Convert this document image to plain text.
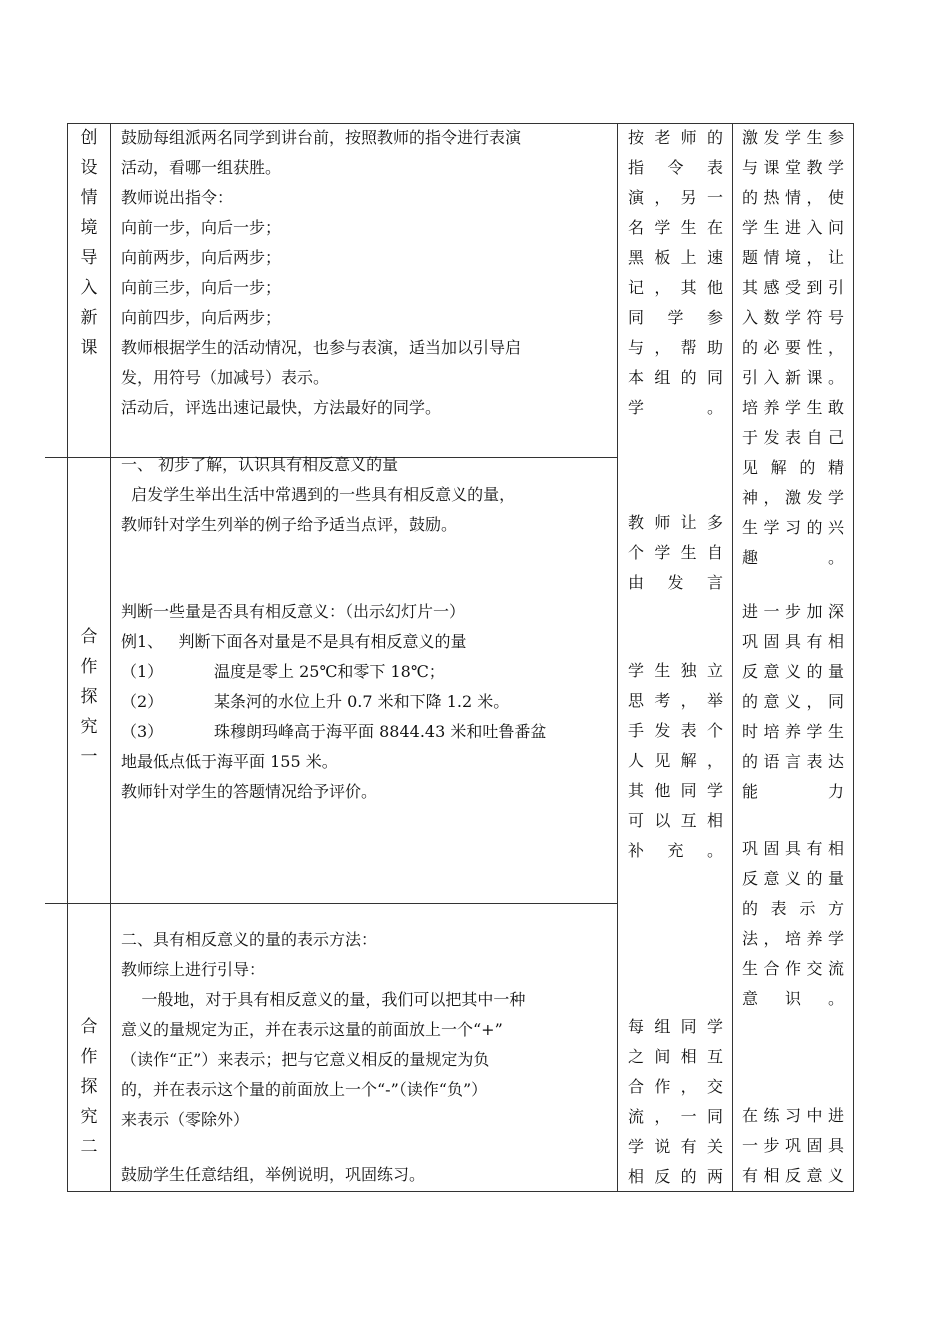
创
设
情
境
导
入
新
课
鼓励每组派两名同学到讲台前，按照教师的指令进行表演
活动，看哪一组获胜。
教师说出指令：
向前一步，向后一步；
向前两步，向后两步；
向前三步，向后一步；
向前四步，向后两步；
教师根据学生的活动情况，也参与表演，适当加以引导启
发，用符号（加减号）表示。
活动后，评选出速记最快，方法最好的同学。
按 老 师 的
指 令 表
演 ， 另 一
名 学 生 在
黑 板 上 速
记 ， 其 他
同 学 参
与 ， 帮 助
本 组 的 同
学。
激发学生参
与课堂教学
的热情，使
学生进入问
题情境，让
其感受到引
入数学符号
的必要性，
引入新课。
培养学生敢
于发表自己
见 解 的 精
神，激发学
生学习的兴
趣。
合
作
探
究
一
一、 初步了解，认识具有相反意义的量
启发学生举出生活中常遇到的一些具有相反意义的量，
教师针对学生列举的例子给予适当点评，鼓励。
判断一些量是否具有相反意义：（出示幻灯片一）
例1、   判断下面各对量是不是具有相反意义的量
（1）          温度是零上 25℃和零下 18℃；
（2）          某条河的水位上升 0.7 米和下降 1.2 米。
（3）          珠穆朗玛峰高于海平面 8844.43 米和吐鲁番盆
地最低点低于海平面 155 米。
教师针对学生的答题情况给予评价。
教 师 让 多
个 学 生 自
由发言
学 生 独 立
思 考 ， 举
手 发 表 个
人 见 解 ，
其 他 同 学
可 以 互 相
补充。
进一步加深
巩固具有相
反意义的量
的意义，同
时培养学生
的语言表达
能力
巩固具有相
反意义的量
的 表 示 方
法，培养学
生合作交流
意识。
合
作
探
究
二
二、具有相反意义的量的表示方法：
教师综上进行引导：
一般地，对于具有相反意义的量，我们可以把其中一种
意义的量规定为正，并在表示这量的前面放上一个“+”
（读作“正”）来表示；把与它意义相反的量规定为负
的，并在表示这个量的前面放上一个“-”（读作“负”）
来表示（零除外）
鼓励学生任意结组，举例说明，巩固练习。
每 组 同 学
之 间 相 互
合 作 ， 交
流 ， 一 同
学 说 有 关
相 反 的 两
在练习中进
一步巩固具
有相反意义
